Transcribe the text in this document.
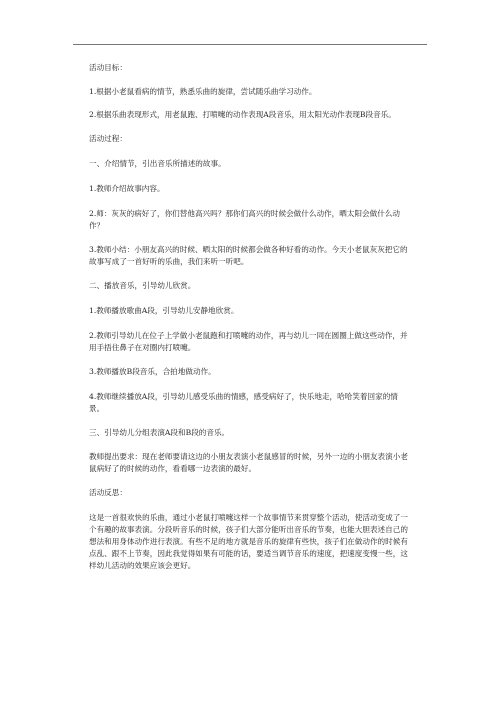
活动目标：

1.根据小老鼠看病的情节，熟悉乐曲的旋律，尝试随乐曲学习动作。

2.根据乐曲表现形式，用老鼠跑、打喷嚏的动作表现A段音乐，用太阳光动作表现B段音乐。

活动过程：

一、介绍情节，引出音乐所描述的故事。

1.教师介绍故事内容。

2.师：灰灰的病好了，你们替他高兴吗？那你们高兴的时候会做什么动作，晒太阳会做什么动作？

3.教师小结：小朋友高兴的时候、晒太阳的时候都会做各种好看的动作。今天小老鼠灰灰把它的故事写成了一首好听的乐曲，我们来听一听吧。

二、播放音乐，引导幼儿欣赏。

1.教师播放歌曲A段，引导幼儿安静地欣赏。

2.教师引导幼儿在位子上学做小老鼠跑和打喷嚏的动作，再与幼儿一同在圆圈上做这些动作，并用手捂住鼻子在对圈内打喷嚏。

3.教师播放B段音乐，合拍地做动作。

4.教师继续播放A段，引导幼儿感受乐曲的情感，感受病好了，快乐地走，哈哈笑着回家的情景。

三、引导幼儿分组表演A段和B段的音乐。

教师提出要求：现在老师要请这边的小朋友表演小老鼠感冒的时候，另外一边的小朋友表演小老鼠病好了的时候的动作，看看哪一边表演的最好。

活动反思：

这是一首很欢快的乐曲，通过小老鼠打喷嚏这样一个故事情节来贯穿整个活动，使活动变成了一个有趣的故事表演。分段听音乐的时候，孩子们大部分能听出音乐的节奏，也能大胆表述自己的想法和用身体动作进行表演。有些不足的地方就是音乐的旋律有些快，孩子们在做动作的时候有点乱、跟不上节奏，因此我觉得如果有可能的话，要适当调节音乐的速度，把速度变慢一些，这样幼儿活动的效果应该会更好。
